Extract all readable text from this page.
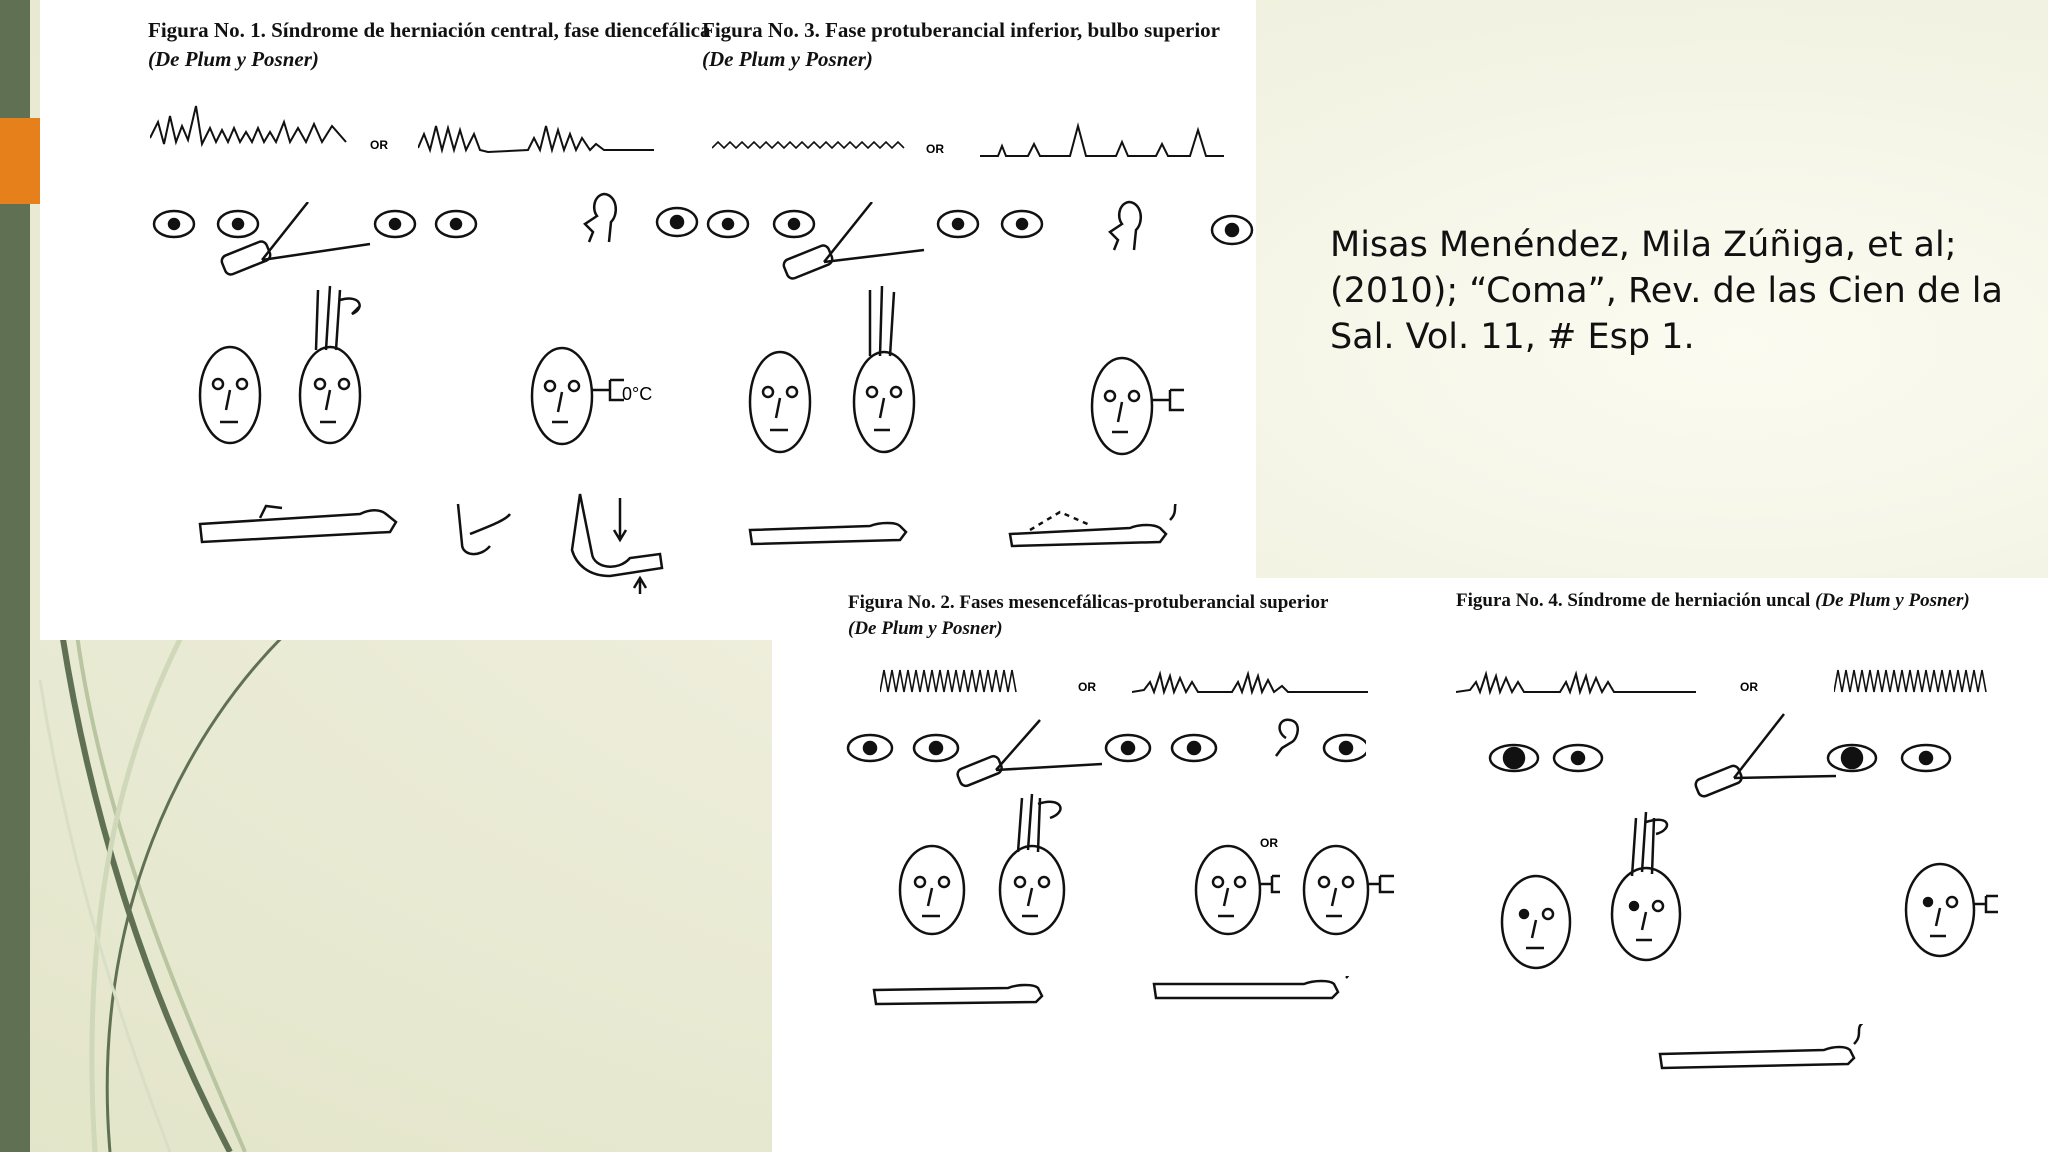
Figura No. 1. Síndrome de herniación central, fase diencefálica (De Plum y Posner)
Figura No. 3. Fase protuberancial inferior, bulbo superior
(De Plum y Posner)
OR	OR
0°C
Figura No. 2. Fases mesencefálicas-protuberancial superior
(De Plum y Posner)
Figura No. 4. Síndrome de herniación uncal (De Plum y Posner)
OR	OR
OR
Misas Menéndez, Mila Zúñiga, et al;
(2010); “Coma”, Rev. de las Cien de la
Sal. Vol. 11, # Esp 1.
